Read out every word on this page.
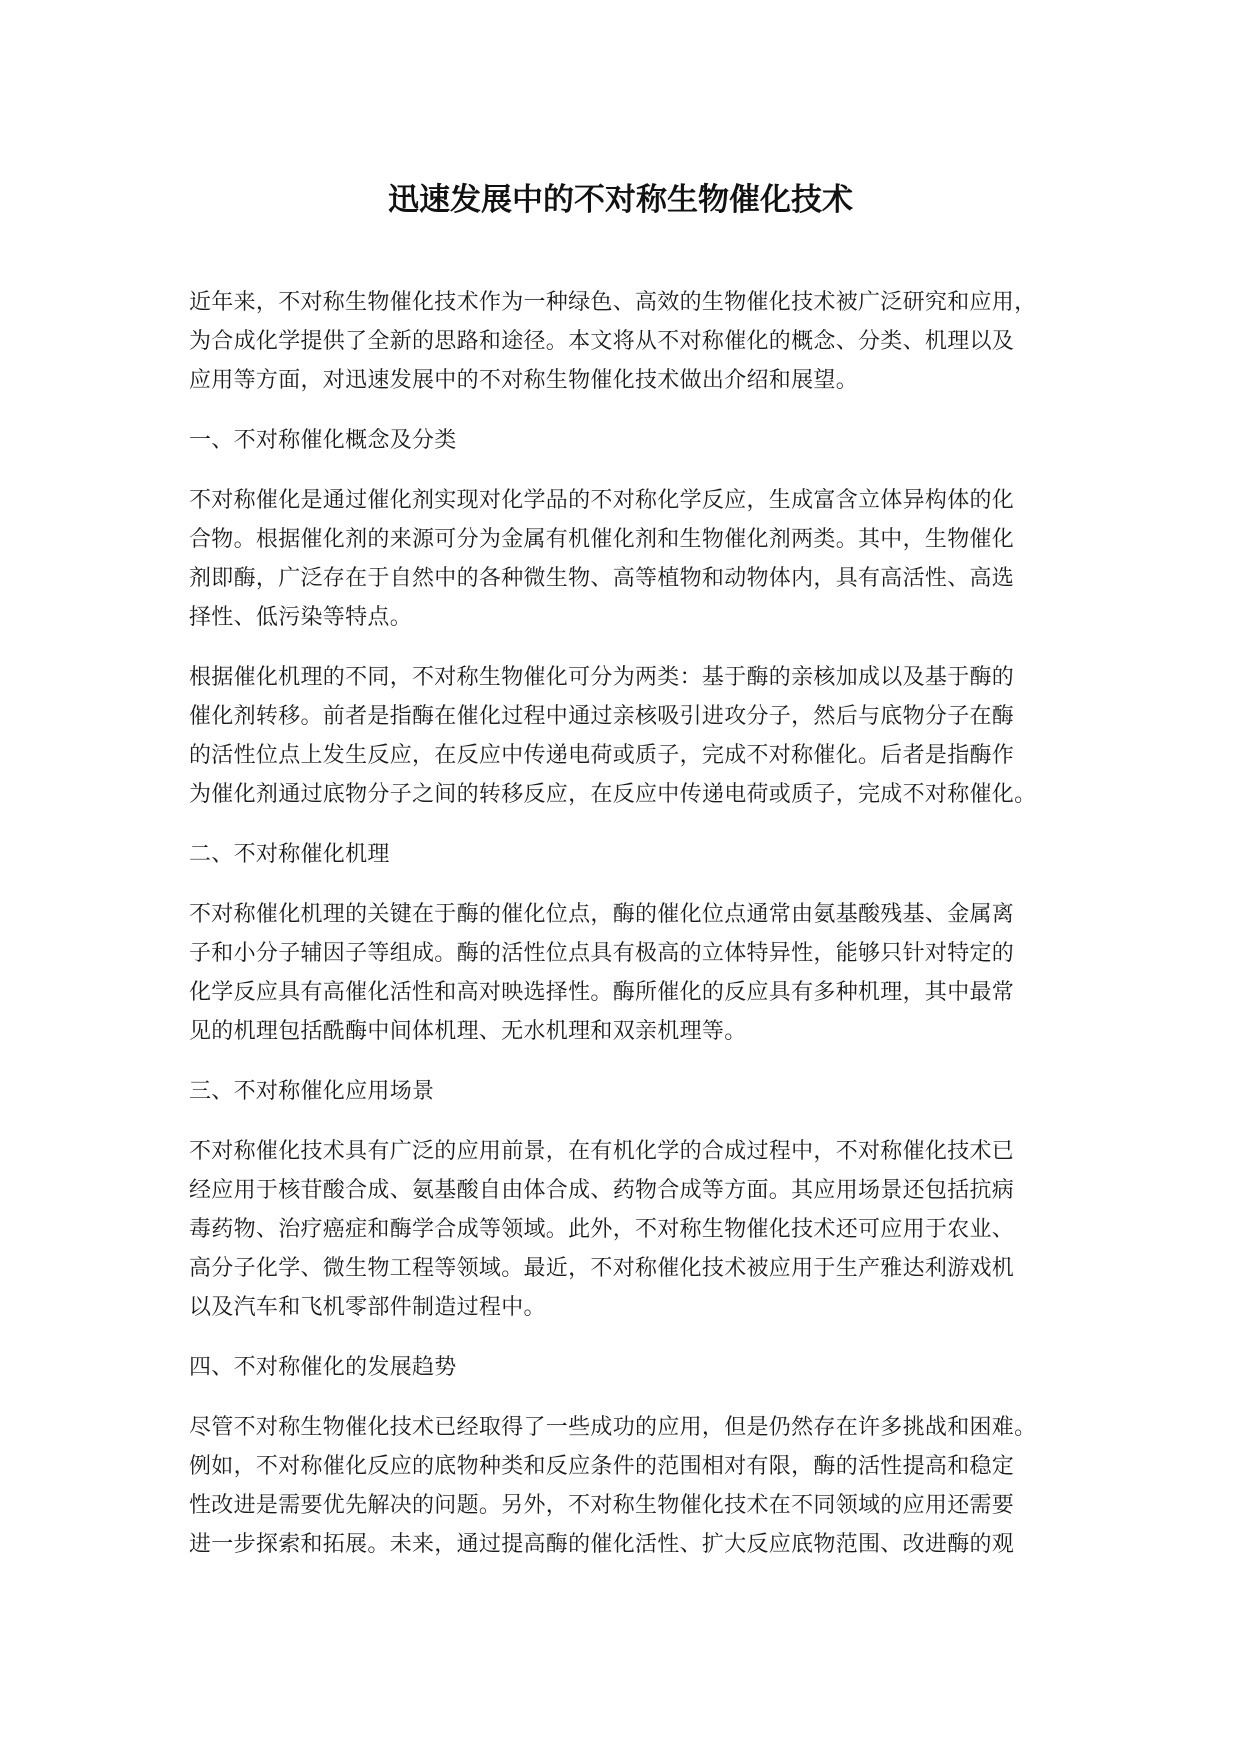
迅速发展中的不对称生物催化技术

近年来，不对称生物催化技术作为一种绿色、高效的生物催化技术被广泛研究和应用，
为合成化学提供了全新的思路和途径。本文将从不对称催化的概念、分类、机理以及
应用等方面，对迅速发展中的不对称生物催化技术做出介绍和展望。

一、不对称催化概念及分类

不对称催化是通过催化剂实现对化学品的不对称化学反应，生成富含立体异构体的化
合物。根据催化剂的来源可分为金属有机催化剂和生物催化剂两类。其中，生物催化
剂即酶，广泛存在于自然中的各种微生物、高等植物和动物体内，具有高活性、高选
择性、低污染等特点。

根据催化机理的不同，不对称生物催化可分为两类：基于酶的亲核加成以及基于酶的
催化剂转移。前者是指酶在催化过程中通过亲核吸引进攻分子，然后与底物分子在酶
的活性位点上发生反应，在反应中传递电荷或质子，完成不对称催化。后者是指酶作
为催化剂通过底物分子之间的转移反应，在反应中传递电荷或质子，完成不对称催化。

二、不对称催化机理

不对称催化机理的关键在于酶的催化位点，酶的催化位点通常由氨基酸残基、金属离
子和小分子辅因子等组成。酶的活性位点具有极高的立体特异性，能够只针对特定的
化学反应具有高催化活性和高对映选择性。酶所催化的反应具有多种机理，其中最常
见的机理包括酰酶中间体机理、无水机理和双亲机理等。

三、不对称催化应用场景

不对称催化技术具有广泛的应用前景，在有机化学的合成过程中，不对称催化技术已
经应用于核苷酸合成、氨基酸自由体合成、药物合成等方面。其应用场景还包括抗病
毒药物、治疗癌症和酶学合成等领域。此外，不对称生物催化技术还可应用于农业、
高分子化学、微生物工程等领域。最近，不对称催化技术被应用于生产雅达利游戏机
以及汽车和飞机零部件制造过程中。

四、不对称催化的发展趋势

尽管不对称生物催化技术已经取得了一些成功的应用，但是仍然存在许多挑战和困难。
例如，不对称催化反应的底物种类和反应条件的范围相对有限，酶的活性提高和稳定
性改进是需要优先解决的问题。另外，不对称生物催化技术在不同领域的应用还需要
进一步探索和拓展。未来，通过提高酶的催化活性、扩大反应底物范围、改进酶的观
